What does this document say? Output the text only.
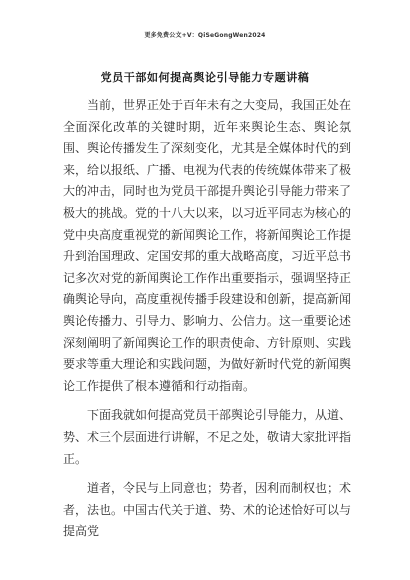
更多免费公文+V：QiSeGongWen2024
党员干部如何提高舆论引导能力专题讲稿

当前，世界正处于百年未有之大变局，我国正处在全面深化改革的关键时期，近年来舆论生态、舆论氛围、舆论传播发生了深刻变化，尤其是全媒体时代的到来，给以报纸、广播、电视为代表的传统媒体带来了极大的冲击，同时也为党员干部提升舆论引导能力带来了极大的挑战。党的十八大以来，以习近平同志为核心的党中央高度重视党的新闻舆论工作，将新闻舆论工作提升到治国理政、定国安邦的重大战略高度，习近平总书记多次对党的新闻舆论工作作出重要指示，强调坚持正确舆论导向，高度重视传播手段建设和创新，提高新闻舆论传播力、引导力、影响力、公信力。这一重要论述深刻阐明了新闻舆论工作的职责使命、方针原则、实践要求等重大理论和实践问题，为做好新时代党的新闻舆论工作提供了根本遵循和行动指南。

下面我就如何提高党员干部舆论引导能力，从道、势、术三个层面进行讲解，不足之处，敬请大家批评指正。

道者，令民与上同意也；势者，因利而制权也；术者，法也。中国古代关于道、势、术的论述恰好可以与提高党
